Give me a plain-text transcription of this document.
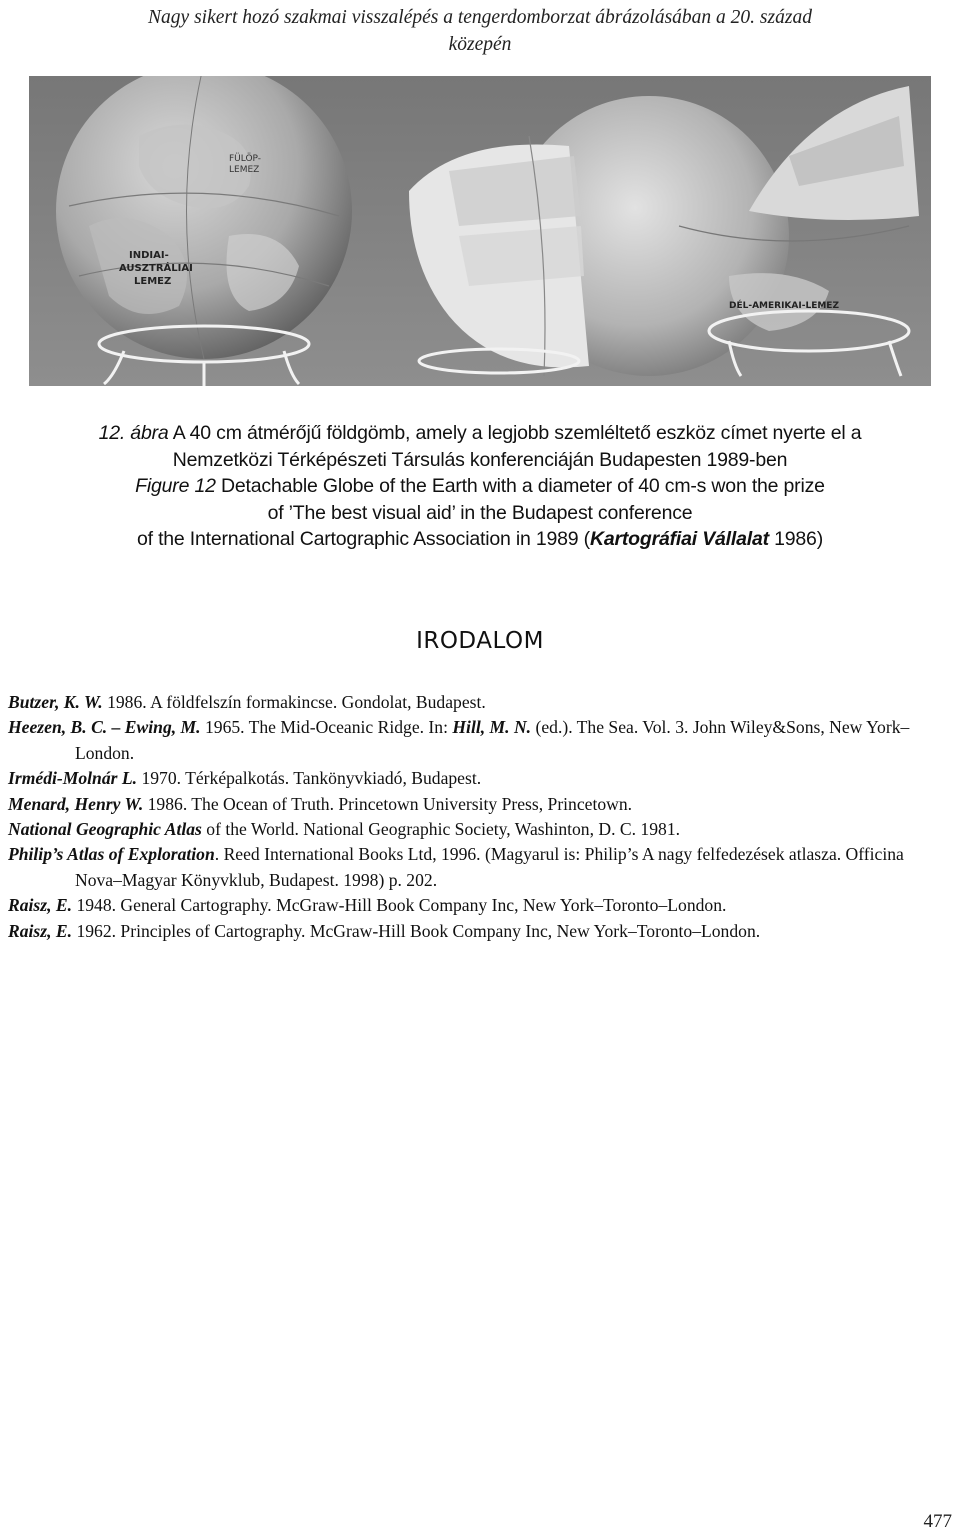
Nagy sikert hozó szakmai visszalépés a tengerdomborzat ábrázolásában a 20. század
közepén
FÜLÖP-
LEMEZ
INDIAI-
AUSZTRÁLIAI
LEMEZ
DÉL-AMERIKAI-LEMEZ
12. ábra A 40 cm átmérőjű földgömb, amely a legjobb szemléltető eszköz címet nyerte el a
Nemzetközi Térképészeti Társulás konferenciáján Budapesten 1989-ben
Figure 12 Detachable Globe of the Earth with a diameter of 40 cm-s won the prize
of ’The best visual aid’ in the Budapest conference
of the International Cartographic Association in 1989 (Kartográfiai Vállalat 1986)
IRODALOM

Butzer, K. W. 1986. A földfelszín formakincse. Gondolat, Budapest.

Heezen, B. C. – Ewing, M. 1965. The Mid-Oceanic Ridge. In: Hill, M. N. (ed.). The Sea. Vol. 3. John Wiley&Sons, New York–London.

Irmédi-Molnár L. 1970. Térképalkotás. Tankönyvkiadó, Budapest.

Menard, Henry W. 1986. The Ocean of Truth. Princetown University Press, Princetown.

National Geographic Atlas of the World. National Geographic Society, Washinton, D. C. 1981.

Philip’s Atlas of Exploration. Reed International Books Ltd, 1996. (Magyarul is: Philip’s A nagy felfedezések atlasza. Officina Nova–Magyar Könyvklub, Budapest. 1998) p. 202.

Raisz, E. 1948. General Cartography. McGraw-Hill Book Company Inc, New York–Toronto–London.

Raisz, E. 1962. Principles of Cartography. McGraw-Hill Book Company Inc, New York–Toronto–London.

477
